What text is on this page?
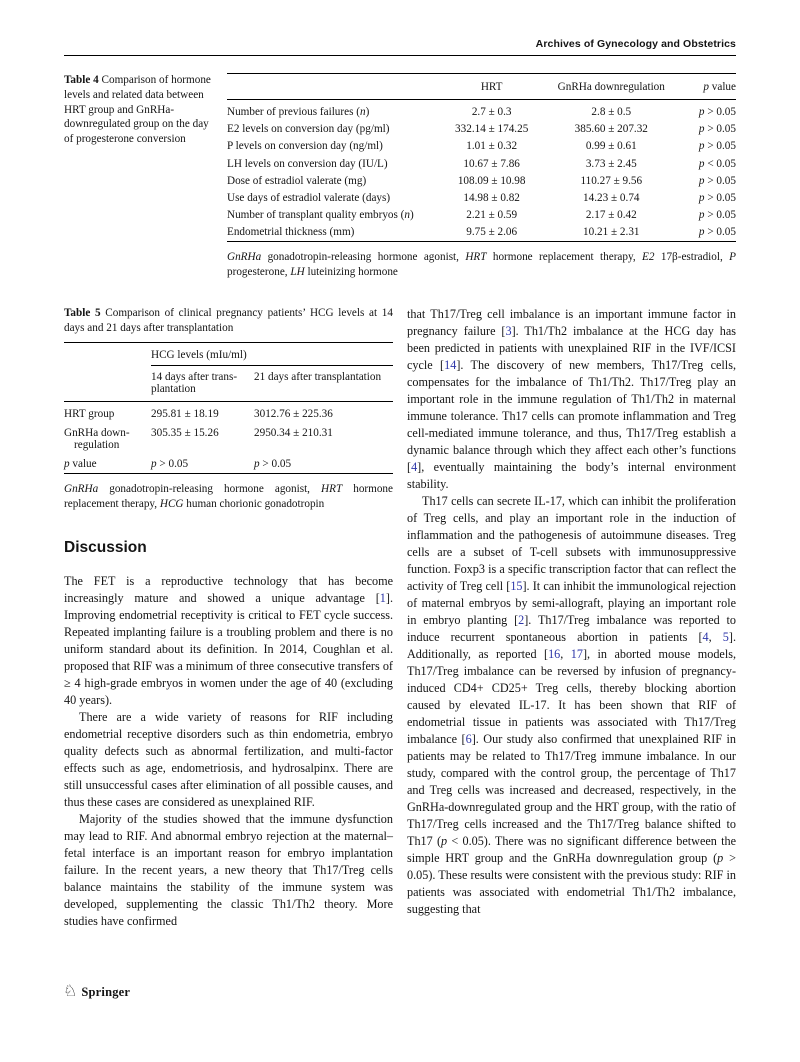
Archives of Gynecology and Obstetrics
Table 4 Comparison of hormone levels and related data between HRT group and GnRHa-downregulated group on the day of progesterone conversion
	HRT	GnRHa downregulation	p value
Number of previous failures (n)	2.7 ± 0.3	2.8 ± 0.5	p > 0.05
E2 levels on conversion day (pg/ml)	332.14 ± 174.25	385.60 ± 207.32	p > 0.05
P levels on conversion day (ng/ml)	1.01 ± 0.32	0.99 ± 0.61	p > 0.05
LH levels on conversion day (IU/L)	10.67 ± 7.86	3.73 ± 2.45	p < 0.05
Dose of estradiol valerate (mg)	108.09 ± 10.98	110.27 ± 9.56	p > 0.05
Use days of estradiol valerate (days)	14.98 ± 0.82	14.23 ± 0.74	p > 0.05
Number of transplant quality embryos (n)	2.21 ± 0.59	2.17 ± 0.42	p > 0.05
Endometrial thickness (mm)	9.75 ± 2.06	10.21 ± 2.31	p > 0.05
GnRHa gonadotropin-releasing hormone agonist, HRT hormone replacement therapy, E2 17β-estradiol, P progesterone, LH luteinizing hormone
Table 5 Comparison of clinical pregnancy patients’ HCG levels at 14 days and 21 days after transplantation
	HCG levels (mIu/ml)	
	14 days after trans- plantation	21 days after transplantation
HRT group	295.81 ± 18.19	3012.76 ± 225.36
GnRHa down- regulation	305.35 ± 15.26	2950.34 ± 210.31
p value	p > 0.05	p > 0.05
GnRHa gonadotropin-releasing hormone agonist, HRT hormone replacement therapy, HCG human chorionic gonadotropin
Discussion

The FET is a reproductive technology that has become increasingly mature and showed a unique advantage [1]. Improving endometrial receptivity is critical to FET cycle success. Repeated implanting failure is a troubling problem and there is no uniform standard about its definition. In 2014, Coughlan et al. proposed that RIF was a minimum of three consecutive transfers of ≥ 4 high-grade embryos in women under the age of 40 (excluding 40 years).

There are a wide variety of reasons for RIF including endometrial receptive disorders such as thin endometria, embryo quality defects such as abnormal fertilization, and multi-factor effects such as age, endometriosis, and hydrosalpinx. There are still unsuccessful cases after elimination of all possible causes, and thus these cases are considered as unexplained RIF.

Majority of the studies showed that the immune dysfunction may lead to RIF. And abnormal embryo rejection at the maternal–fetal interface is an important reason for embryo implantation failure. In the recent years, a new theory that Th17/Treg cells balance maintains the stability of the immune system was developed, supplementing the classic Th1/Th2 theory. More studies have confirmed

that Th17/Treg cell imbalance is an important immune factor in pregnancy failure [3]. Th1/Th2 imbalance at the HCG day has been predicted in patients with unexplained RIF in the IVF/ICSI cycle [14]. The discovery of new members, Th17/Treg cells, compensates for the imbalance of Th1/Th2. Th17/Treg play an important role in the immune regulation of Th1/Th2 in maternal immune tolerance. Th17 cells can promote inflammation and Treg cell-mediated immune tolerance, and thus, Th17/Treg establish a dynamic balance through which they affect each other’s functions [4], eventually maintaining the body’s internal environment stability.

Th17 cells can secrete IL-17, which can inhibit the proliferation of Treg cells, and play an important role in the induction of inflammation and the pathogenesis of autoimmune diseases. Treg cells are a subset of T-cell subsets with immunosuppressive function. Foxp3 is a specific transcription factor that can reflect the activity of Treg cell [15]. It can inhibit the immunological rejection of maternal embryos by semi-allograft, playing an important role in embryo planting [2]. Th17/Treg imbalance was reported to induce recurrent spontaneous abortion in patients [4, 5]. Additionally, as reported [16, 17], in aborted mouse models, Th17/Treg imbalance can be reversed by infusion of pregnancy-induced CD4+ CD25+ Treg cells, thereby blocking abortion caused by elevated IL-17. It has been shown that RIF of endometrial tissue in patients was associated with Th17/Treg imbalance [6]. Our study also confirmed that unexplained RIF in patients may be related to Th17/Treg immune imbalance. In our study, compared with the control group, the percentage of Th17 and Treg cells was increased and decreased, respectively, in the GnRHa-downregulated group and the HRT group, with the ratio of Th17/Treg cells increased and the Th17/Treg balance shifted to Th17 (p < 0.05). There was no significant difference between the simple HRT group and the GnRHa downregulation group (p > 0.05). These results were consistent with the previous study: RIF in patients was associated with endometrial Th1/Th2 imbalance, suggesting that

♘ Springer
